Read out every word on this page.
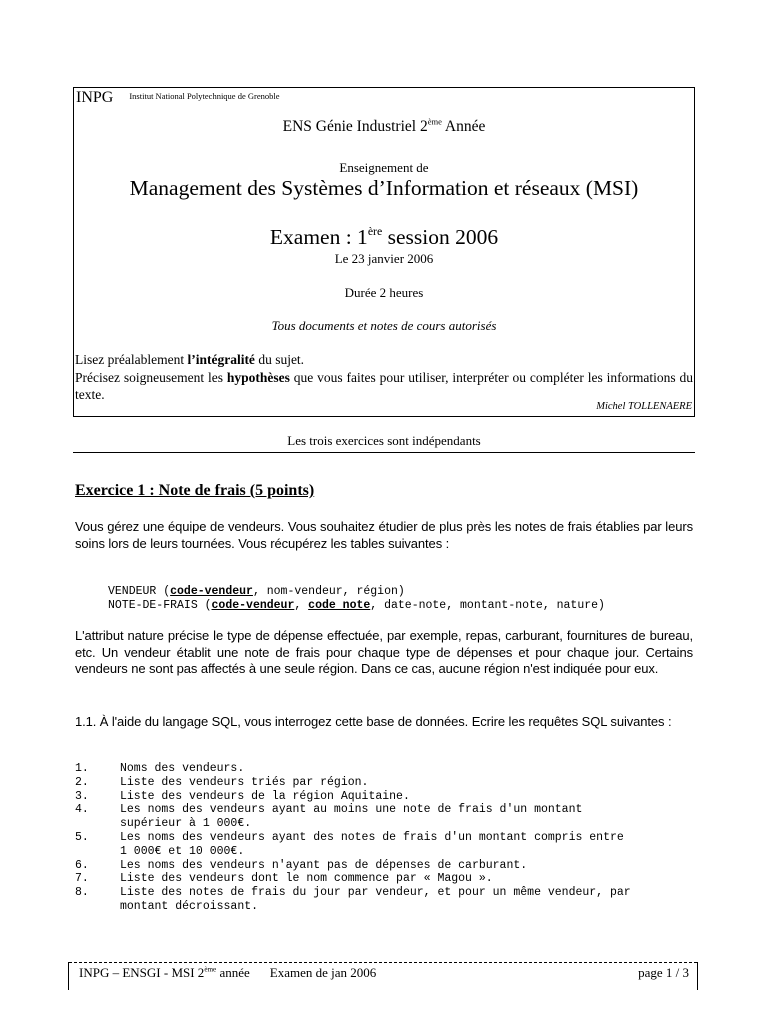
INPG Institut National Polytechnique de Grenoble
ENS Génie Industriel 2ème Année
Enseignement de
Management des Systèmes d’Information et réseaux (MSI)
Examen : 1ère session 2006
Le 23 janvier 2006
Durée 2 heures
Tous documents et notes de cours autorisés

Lisez préalablement l’intégralité du sujet.

Précisez soigneusement les hypothèses que vous faites pour utiliser, interpréter ou compléter les informations du texte.

Michel TOLLENAERE
Les trois exercices sont indépendants
Exercice 1 : Note de frais (5 points)
Vous gérez une équipe de vendeurs. Vous souhaitez étudier de plus près les notes de frais établies par leurs soins lors de leurs tournées. Vous récupérez les tables suivantes :
VENDEUR (code-vendeur, nom-vendeur, région)
NOTE-DE-FRAIS (code-vendeur, code note, date-note, montant-note, nature)
L'attribut nature précise le type de dépense effectuée, par exemple, repas, carburant, fournitures de bureau, etc. Un vendeur établit une note de frais pour chaque type de dépenses et pour chaque jour. Certains vendeurs ne sont pas affectés à une seule région. Dans ce cas, aucune région n'est indiquée pour eux.
1.1. À l'aide du langage SQL, vous interrogez cette base de données. Ecrire les requêtes SQL suivantes :
1.	Noms des vendeurs.
2.	Liste des vendeurs triés par région.
3.	Liste des vendeurs de la région Aquitaine.
4.	Les noms des vendeurs ayant au moins une note de frais d'un montant
supérieur à 1 000€.
5.	Les noms des vendeurs ayant des notes de frais d'un montant compris entre
1 000€ et 10 000€.
6.	Les noms des vendeurs n'ayant pas de dépenses de carburant.
7.	Liste des vendeurs dont le nom commence par « Magou ».
8.	Liste des notes de frais du jour par vendeur, et pour un même vendeur, par
montant décroissant.
INPG – ENSGI - MSI 2ème année Examen de jan 2006	page 1 / 3
